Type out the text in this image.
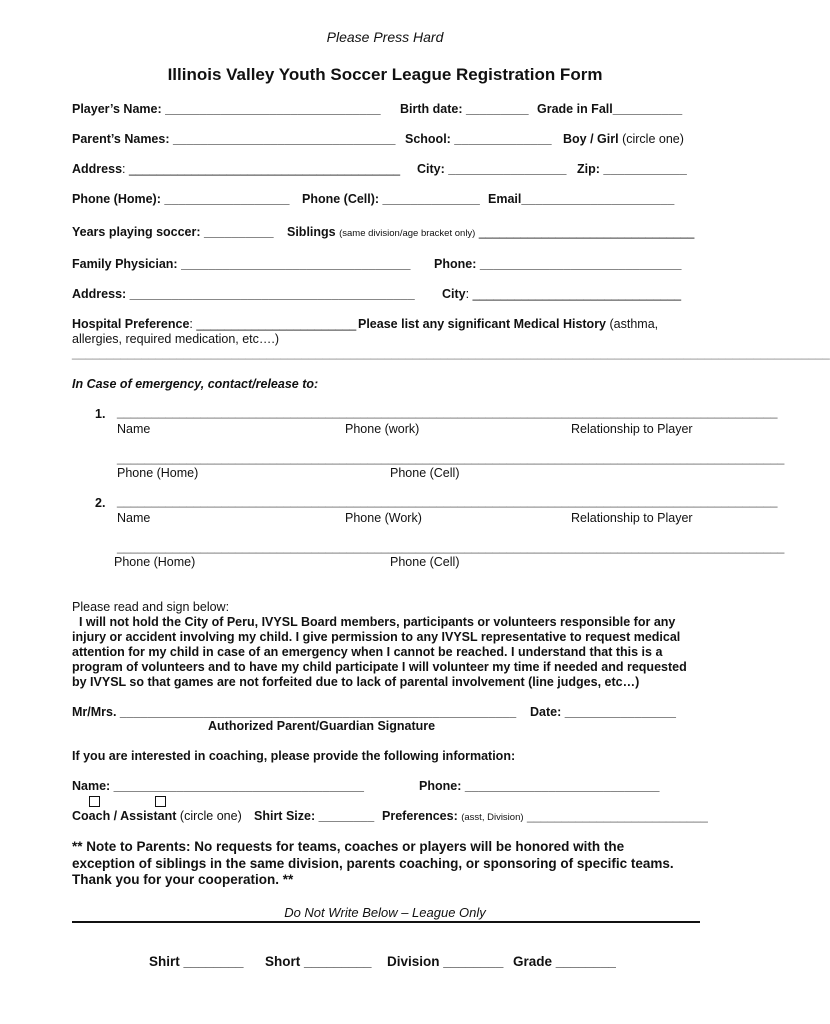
Please Press Hard
Illinois Valley Youth Soccer League Registration Form
Player’s Name: _______________________________ Birth date: _________ Grade in Fall__________
Parent’s Names: ________________________________ School: ______________ Boy / Girl (circle one)
Address: _______________________________________ City: _________________ Zip: ____________
Phone (Home): __________________ Phone (Cell): ______________ Email______________________
Years playing soccer: __________ Siblings (same division/age bracket only) _______________________________
Family Physician: _________________________________ Phone: _____________________________
Address: _________________________________________ City: ______________________________
Hospital Preference: _______________________ Please list any significant Medical History (asthma,
allergies, required medication, etc….)
_____________________________________________________________________________________________________________
In Case of emergency, contact/release to:
1. _______________________________________________________________________________________________
Name	Phone (work)	Relationship to Player
________________________________________________________________________________________________
Phone (Home)	Phone (Cell)
2. _______________________________________________________________________________________________
Name	Phone (Work)	Relationship to Player
________________________________________________________________________________________________
Phone (Home)	Phone (Cell)
Please read and sign below:
I will not hold the City of Peru, IVYSL Board members, participants or volunteers responsible for any
injury or accident involving my child. I give permission to any IVYSL representative to request medical
attention for my child in case of an emergency when I cannot be reached. I understand that this is a
program of volunteers and to have my child participate I will volunteer my time if needed and requested
by IVYSL so that games are not forfeited due to lack of parental involvement (line judges, etc…)
Mr/Mrs. _________________________________________________________ Date: ________________
Authorized Parent/Guardian Signature
If you are interested in coaching, please provide the following information:
Name: ____________________________________	Phone: ____________________________
Coach / Assistant (circle one) Shirt Size: ________ Preferences: (asst, Division) __________________________
** Note to Parents: No requests for teams, coaches or players will be honored with the
exception of siblings in the same division, parents coaching, or sponsoring of specific teams.
Thank you for your cooperation. **
Do Not Write Below – League Only
Shirt ________ Short _________ Division ________ Grade ________
